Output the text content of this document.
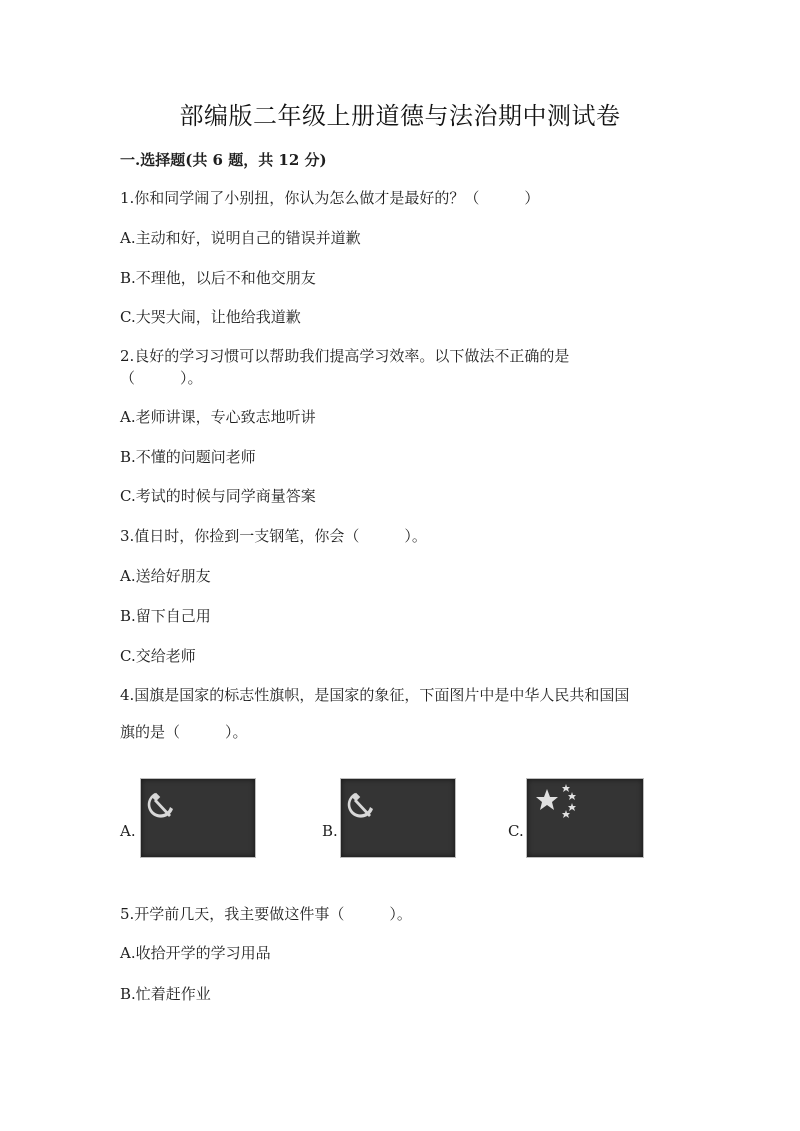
部编版二年级上册道德与法治期中测试卷
一.选择题(共 6 题，共 12 分)
1.你和同学闹了小别扭，你认为怎么做才是最好的？（　　　）
A.主动和好，说明自己的错误并道歉
B.不理他，以后不和他交朋友
C.大哭大闹，让他给我道歉
2.良好的学习习惯可以帮助我们提高学习效率。以下做法不正确的是
（　　　）。
A.老师讲课，专心致志地听讲
B.不懂的问题问老师
C.考试的时候与同学商量答案
3.值日时，你捡到一支钢笔，你会（　　　）。
A.送给好朋友
B.留下自己用
C.交给老师
4.国旗是国家的标志性旗帜，是国家的象征，下面图片中是中华人民共和国国
旗的是（　　　）。
A.	B.	C.
5.开学前几天，我主要做这件事（　　　）。
A.收拾开学的学习用品
B.忙着赶作业
